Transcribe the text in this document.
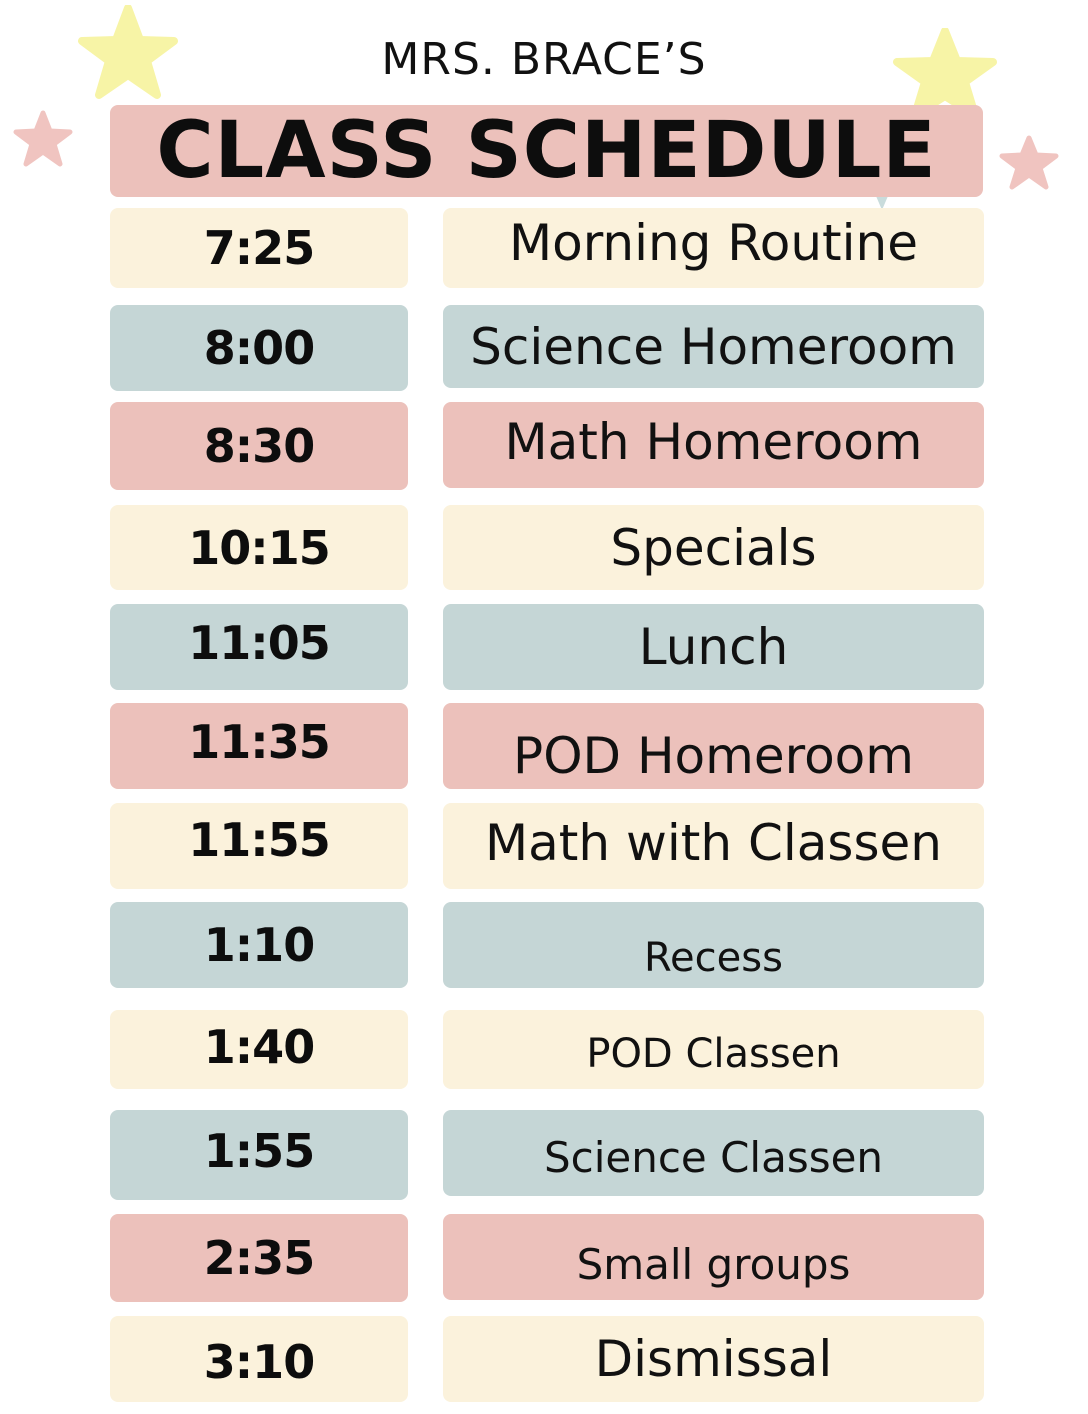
MRS. BRACE’S
CLASS SCHEDULE
7:25	Morning Routine
8:00	Science Homeroom
8:30	Math Homeroom
10:15	Specials
11:05	Lunch
11:35	POD Homeroom
11:55	Math with Classen
1:10	Recess
1:40	POD Classen
1:55	Science Classen
2:35	Small groups
3:10	Dismissal
